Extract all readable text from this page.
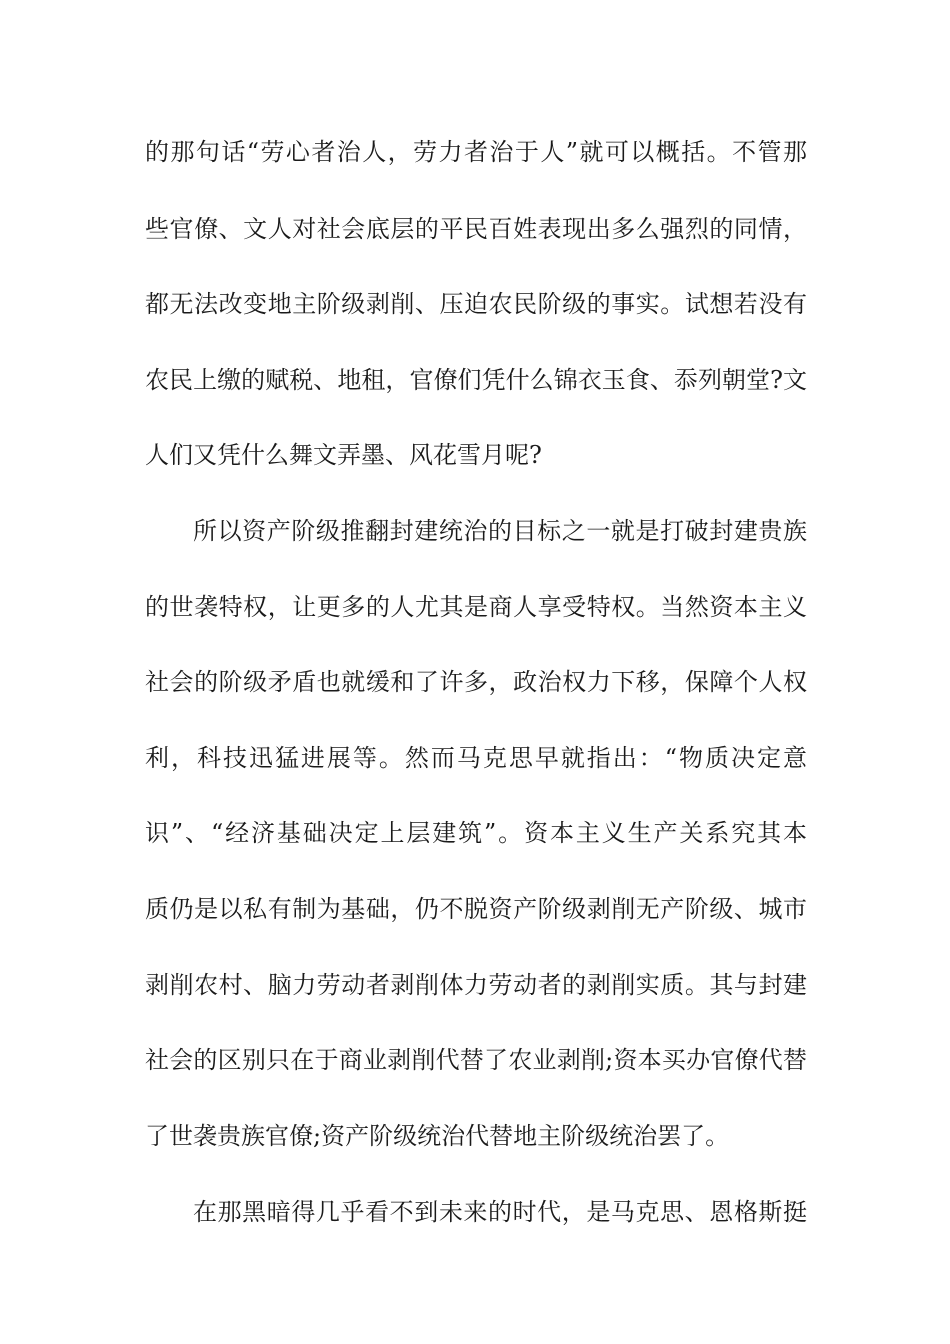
的那句话“劳心者治人，劳力者治于人”就可以概括。不管那
些官僚、文人对社会底层的平民百姓表现出多么强烈的同情，
都无法改变地主阶级剥削、压迫农民阶级的事实。试想若没有
农民上缴的赋税、地租，官僚们凭什么锦衣玉食、忝列朝堂?文
人们又凭什么舞文弄墨、风花雪月呢?
所以资产阶级推翻封建统治的目标之一就是打破封建贵族
的世袭特权，让更多的人尤其是商人享受特权。当然资本主义
社会的阶级矛盾也就缓和了许多，政治权力下移，保障个人权
利，科技迅猛进展等。然而马克思早就指出：“物质决定意
识”、“经济基础决定上层建筑”。资本主义生产关系究其本
质仍是以私有制为基础，仍不脱资产阶级剥削无产阶级、城市
剥削农村、脑力劳动者剥削体力劳动者的剥削实质。其与封建
社会的区别只在于商业剥削代替了农业剥削;资本买办官僚代替
了世袭贵族官僚;资产阶级统治代替地主阶级统治罢了。
在那黑暗得几乎看不到未来的时代，是马克思、恩格斯挺
